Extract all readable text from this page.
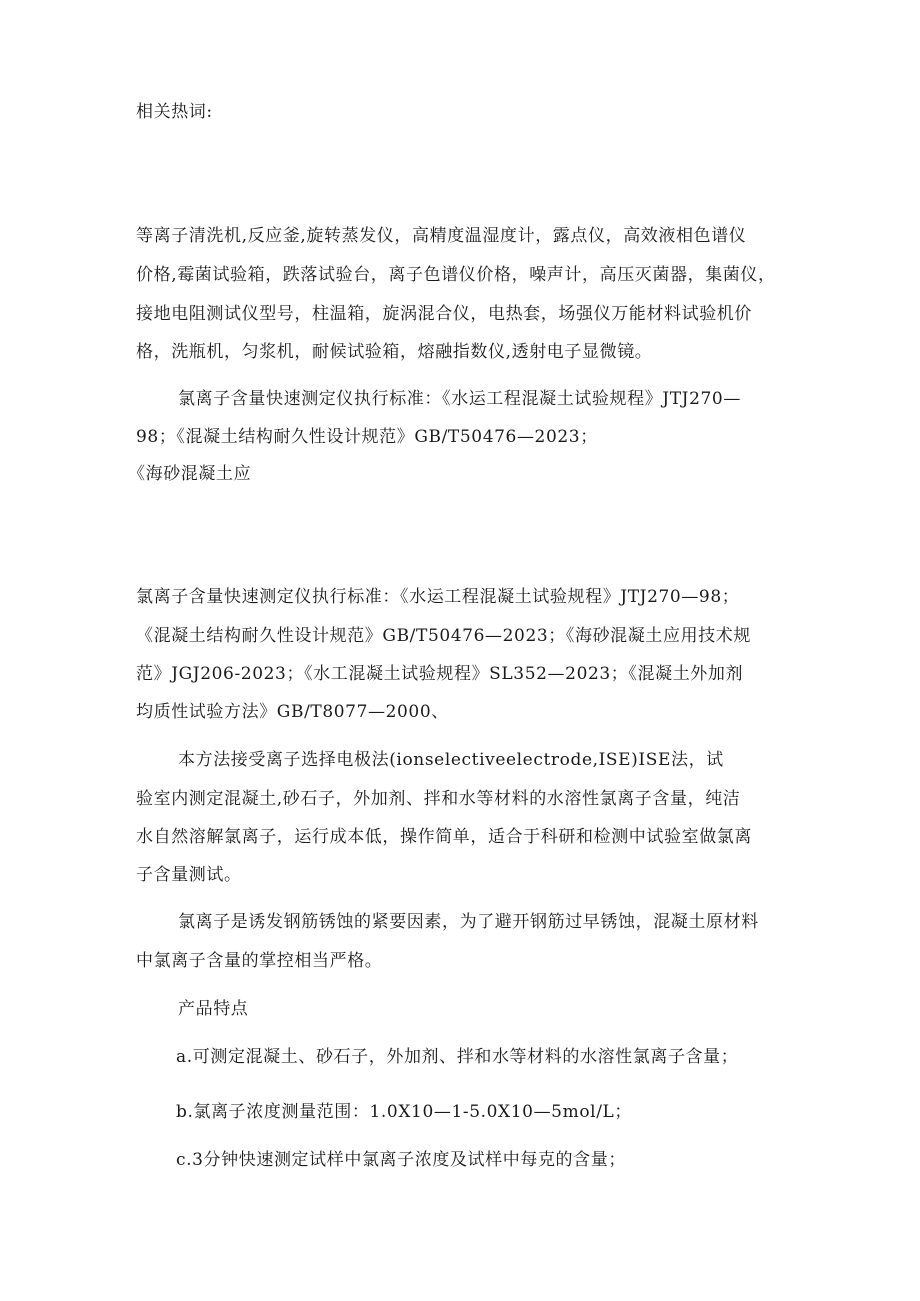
相关热词:
等离子清洗机,反应釜,旋转蒸发仪，高精度温湿度计，露点仪，高效液相色谱仪
价格,霉菌试验箱，跌落试验台，离子色谱仪价格，噪声计，高压灭菌器，集菌仪，
接地电阻测试仪型号，柱温箱，旋涡混合仪，电热套，场强仪万能材料试验机价
格，洗瓶机，匀浆机，耐候试验箱，熔融指数仪,透射电子显微镜。
氯离子含量快速测定仪执行标准：《水运工程混凝土试验规程》JTJ270—
98；《混凝土结构耐久性设计规范》GB/T50476—2023；
《海砂混凝土应
氯离子含量快速测定仪执行标准：《水运工程混凝土试验规程》JTJ270—98；
《混凝土结构耐久性设计规范》GB/T50476—2023；《海砂混凝土应用技术规
范》JGJ206-2023；《水工混凝土试验规程》SL352—2023；《混凝土外加剂
均质性试验方法》GB/T8077—2000、
本方法接受离子选择电极法(ionselectiveelectrode,ISE)ISE法，试
验室内测定混凝土,砂石子，外加剂、拌和水等材料的水溶性氯离子含量，纯洁
水自然溶解氯离子，运行成本低，操作简单，适合于科研和检测中试验室做氯离
子含量测试。
氯离子是诱发钢筋锈蚀的紧要因素，为了避开钢筋过早锈蚀，混凝土原材料
中氯离子含量的掌控相当严格。
产品特点
a.可测定混凝土、砂石子，外加剂、拌和水等材料的水溶性氯离子含量；
b.氯离子浓度测量范围：1.0X10—1-5.0X10—5mol/L；
c.3分钟快速测定试样中氯离子浓度及试样中每克的含量；
